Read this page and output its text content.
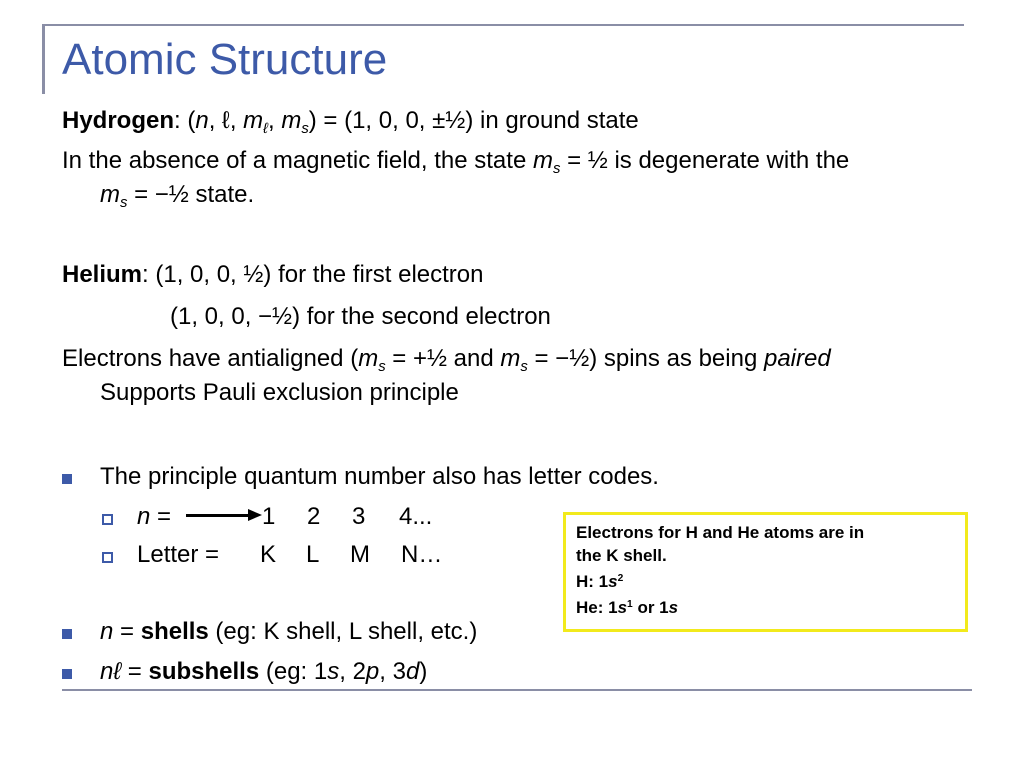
Atomic Structure
Hydrogen: (n, ℓ, $m_\ell$, $m_s) = (1$, 0, 0, ±½) in ground state
In the absence of a magnetic field, the state $m_s$ = ½ is degenerate with the
$m_s$ = −½ state.
Helium: (1, 0, 0, ½) for the first electron
(1, 0, 0, −½) for the second electron
Electrons have antialigned ($m_s$ = +½ and $m_s$ = −½) spins as being paired
Supports Pauli exclusion principle
The principle quantum number also has letter codes.
n =	1 2 3 4...
Letter = K L M N…
n = shells (eg: K shell, L shell, etc.)
nℓ = subshells (eg: 1s, 2p, 3d)
Electrons for H and He atoms are in
the K shell.
H: $1s^2$
He: $1s^1$ or 1s
